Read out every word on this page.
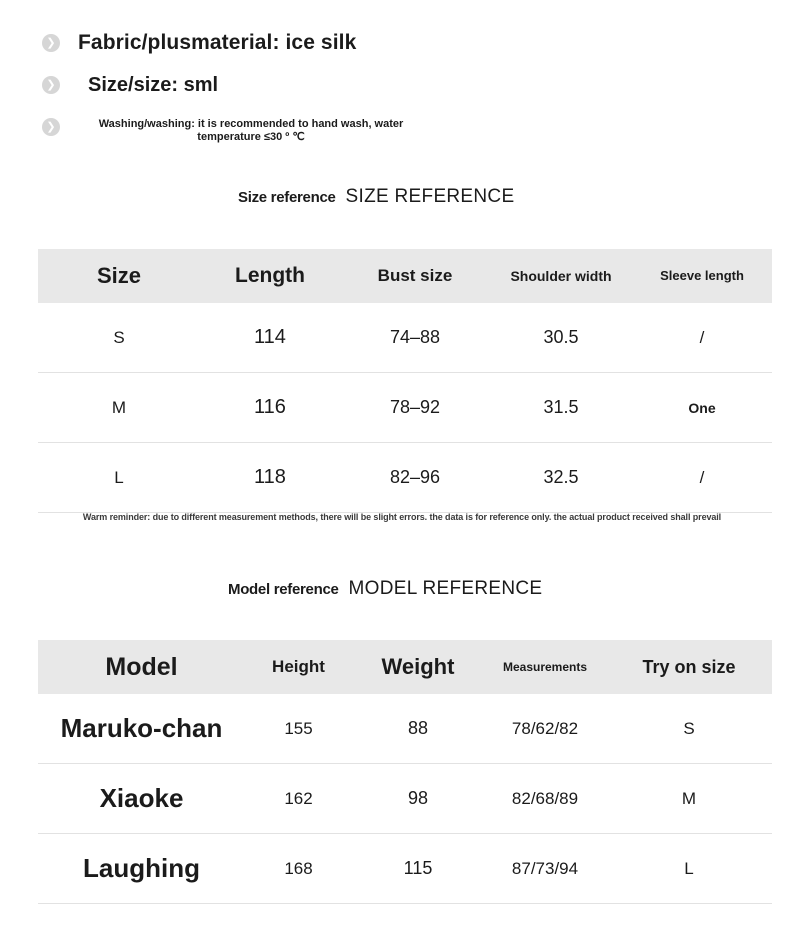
❯ Fabric/plusmaterial: ice silk
❯ Size/size: sml
❯	Washing/washing: it is recommended to hand wash, water temperature ≤30 º ℃
Size reference SIZE REFERENCE
Size	Length	Bust size	Shoulder width	Sleeve length
S	114	74–88	30.5	/
M	116	78–92	31.5	One
L	118	82–96	32.5	/
Warm reminder: due to different measurement methods, there will be slight errors. the data is for reference only. the actual product received shall prevail
Model reference MODEL REFERENCE
Model	Height	Weight	Measurements	Try on size
Maruko-chan	155	88	78/62/82	S
Xiaoke	162	98	82/68/89	M
Laughing	168	115	87/73/94	L
